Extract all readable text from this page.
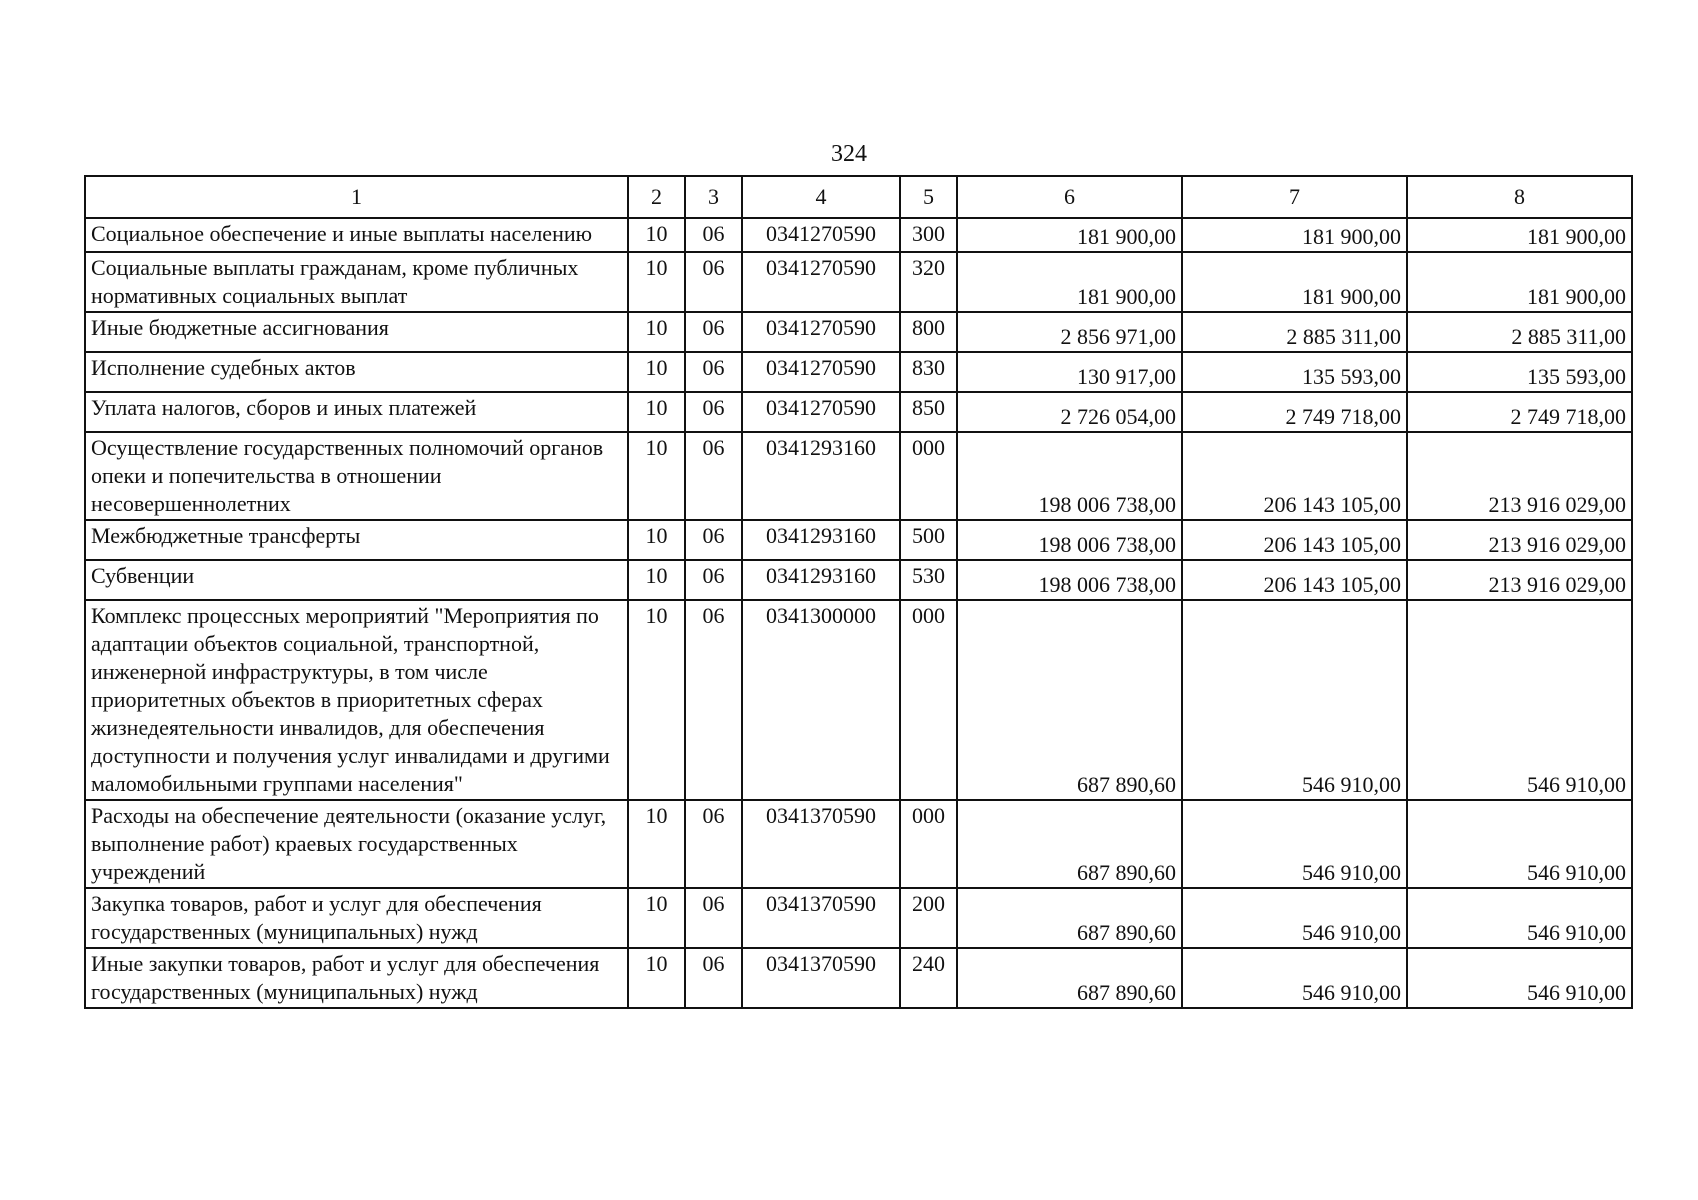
324
1	2	3	4	5	6	7	8
Социальное обеспечение и иные выплаты населению	10	06	0341270590	300	181 900,00	181 900,00	181 900,00
Социальные выплаты гражданам, кроме публичных нормативных социальных выплат	10	06	0341270590	320	181 900,00	181 900,00	181 900,00
Иные бюджетные ассигнования	10	06	0341270590	800	2 856 971,00	2 885 311,00	2 885 311,00
Исполнение судебных актов	10	06	0341270590	830	130 917,00	135 593,00	135 593,00
Уплата налогов, сборов и иных платежей	10	06	0341270590	850	2 726 054,00	2 749 718,00	2 749 718,00
Осуществление государственных полномочий органов опеки и попечительства в отношении несовершеннолетних	10	06	0341293160	000	198 006 738,00	206 143 105,00	213 916 029,00
Межбюджетные трансферты	10	06	0341293160	500	198 006 738,00	206 143 105,00	213 916 029,00
Субвенции	10	06	0341293160	530	198 006 738,00	206 143 105,00	213 916 029,00
Комплекс процессных мероприятий "Мероприятия по адаптации объектов социальной, транспортной, инженерной инфраструктуры, в том числе приоритетных объектов в приоритетных сферах жизнедеятельности инвалидов, для обеспечения доступности и получения услуг инвалидами и другими маломобильными группами населения"	10	06	0341300000	000	687 890,60	546 910,00	546 910,00
Расходы на обеспечение деятельности (оказание услуг, выполнение работ) краевых государственных учреждений	10	06	0341370590	000	687 890,60	546 910,00	546 910,00
Закупка товаров, работ и услуг для обеспечения государственных (муниципальных) нужд	10	06	0341370590	200	687 890,60	546 910,00	546 910,00
Иные закупки товаров, работ и услуг для обеспечения государственных (муниципальных) нужд	10	06	0341370590	240	687 890,60	546 910,00	546 910,00
